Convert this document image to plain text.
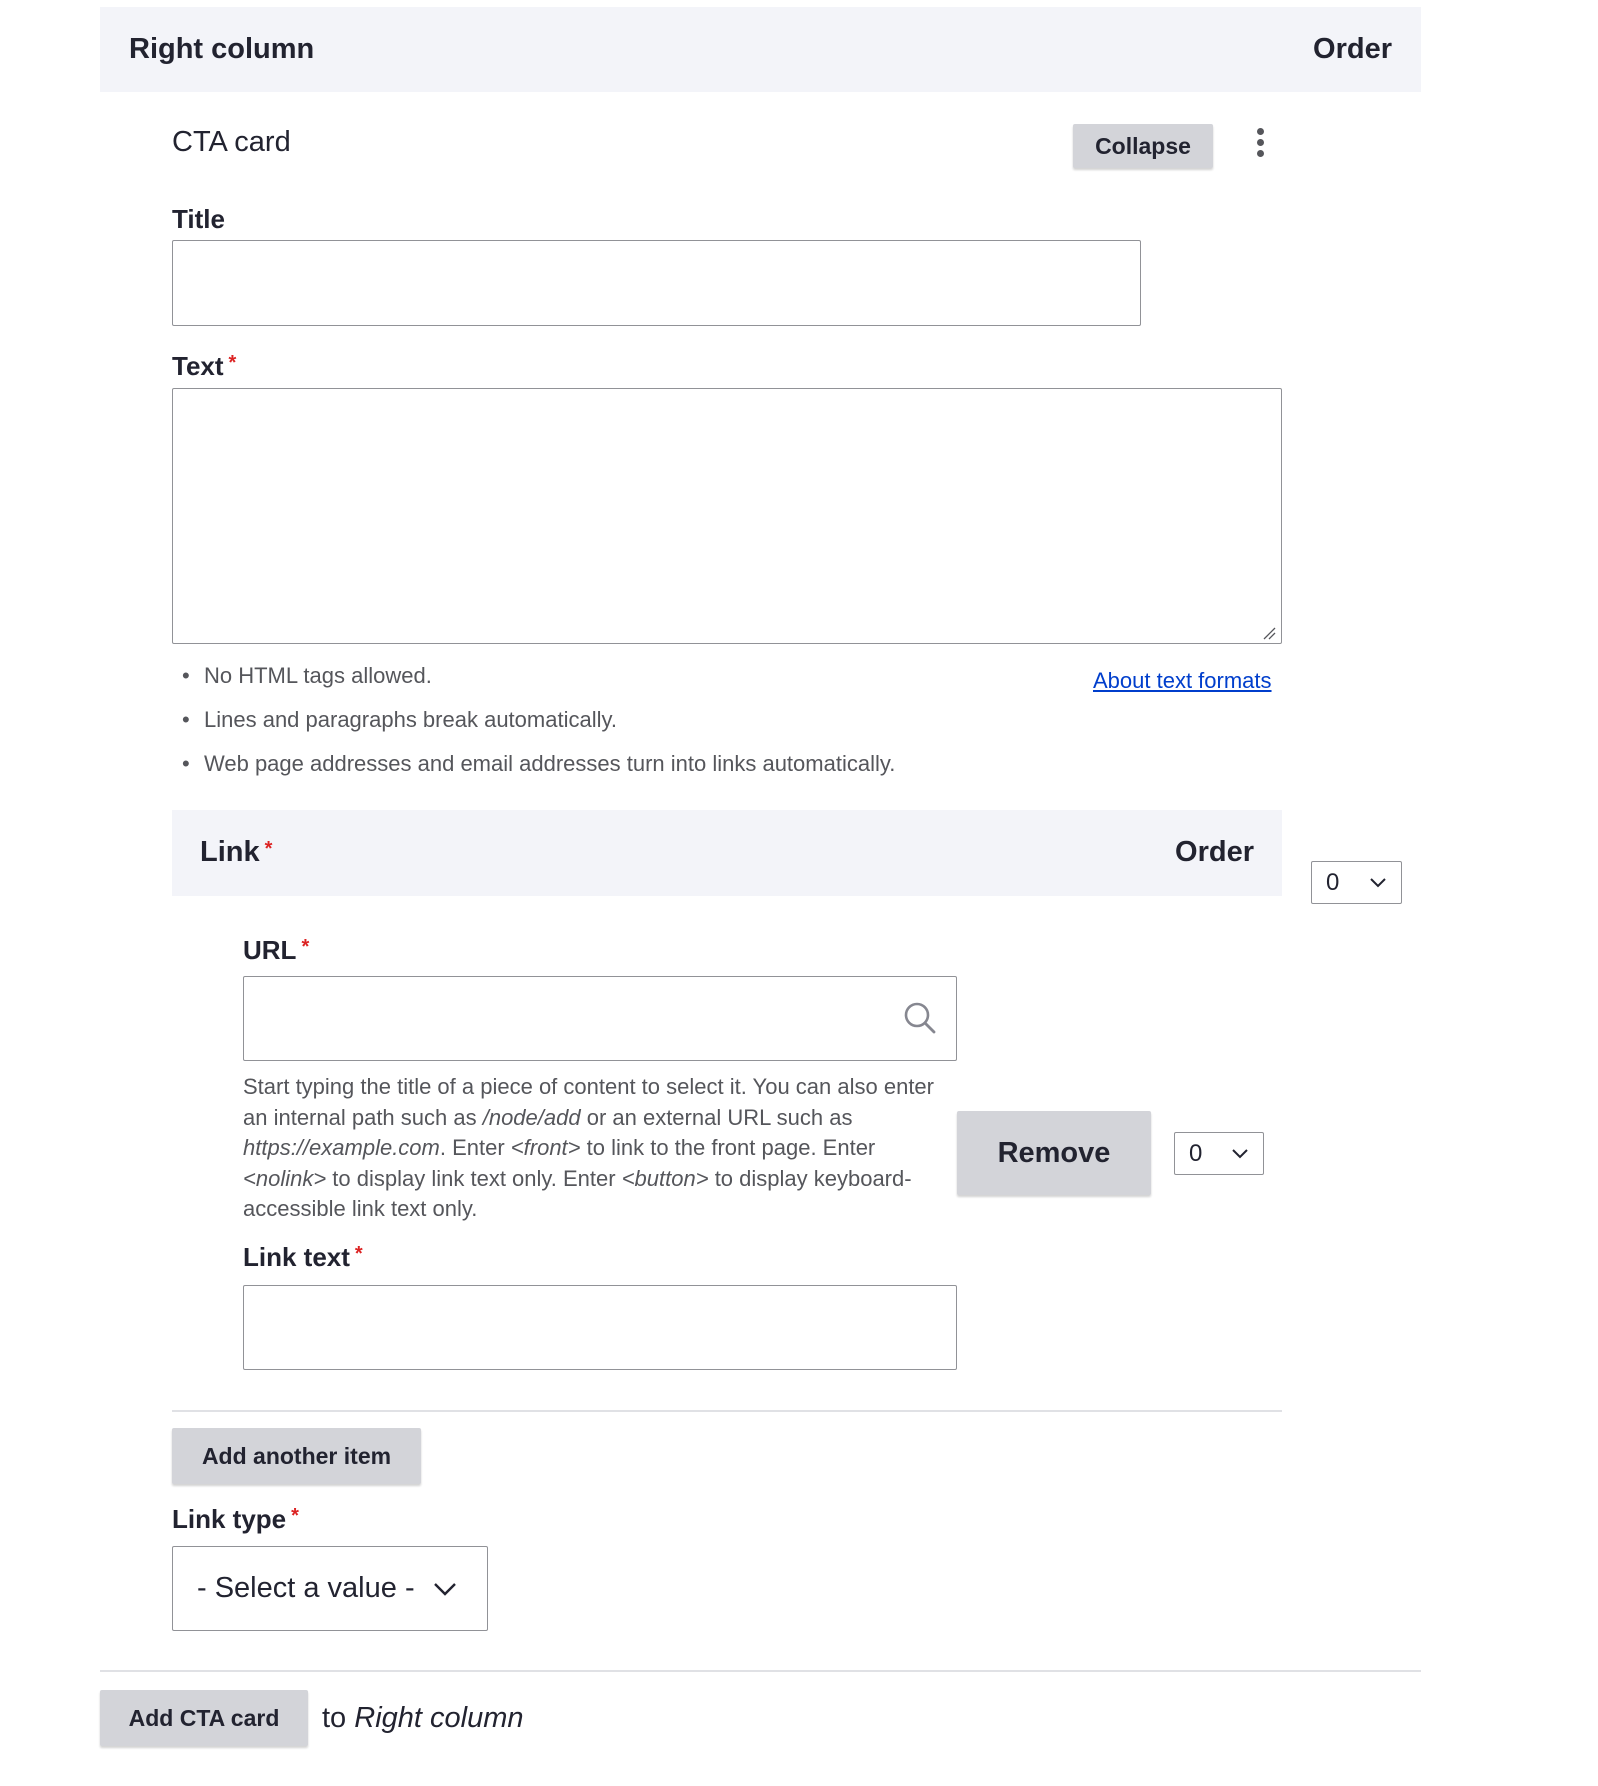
Right column	Order
CTA card	Collapse
Title
Text *
• No HTML tags allowed.
• Lines and paragraphs break automatically.
• Web page addresses and email addresses turn into links automatically.
About text formats
Link *	Order
0
URL *
Start typing the title of a piece of content to select it. You can also enter an internal path such as /node/add or an external URL such as https://example.com. Enter <front> to link to the front page. Enter <nolink> to display link text only. Enter <button> to display keyboard-accessible link text only.
Remove	0
Link text *
Add another item
Link type *
- Select a value -
Add CTA card	to Right column
